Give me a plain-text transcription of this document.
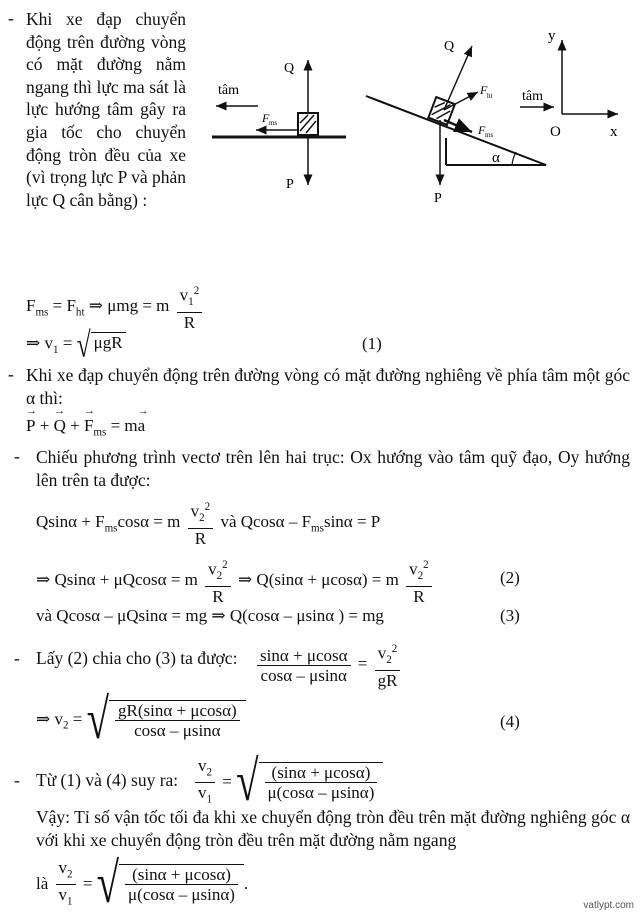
- Khi xe đạp chuyển động trên đường vòng có mặt đường nằm ngang thì lực ma sát là lực hướng tâm gây ra gia tốc cho chuyển động tròn đều của xe (vì trọng lực P và phản lực Q cân bằng) :
tâm
Q
F ms
P
α
Q
F ht
F ms
P
tâm
y
x
O
$F_{ms} = F_{ht}$ ⇒ μmg = m $\frac{v_1^2}{R}$
⇒ $v_1$ = √ μgR	(1)
- Khi xe đạp chuyển động trên đường vòng có mặt đường nghiêng về phía tâm một góc α thì:
→ P + → Q + → $F_{ms} = m\to a$
- Chiếu phương trình vectơ trên lên hai trục: Ox hướng vào tâm quỹ đạo, Oy hướng lên trên ta được:
$Qsin\alpha + F_{ms}\cos\alpha = m \frac{v_2^2}{R}$ và $Qcos\alpha - F_{ms}\sin\alpha = P$
⇒ Qsinα + μQcosα = m $\frac{v_2^2}{R}$ ⇒ Q(sinα + μcosα) = m $\frac{v_2^2}{R}$	(2)
và Qcosα – μQsinα = mg ⇒ Q(cosα – μsinα ) = mg	(3)
- Lấy (2) chia cho (3) ta được: $\frac{\sin\alpha + \mu\cos\alpha}{\cos\alpha - \mu\sin\alpha} = \frac{v_2^2}{gR}$
⇒ $v_2$ = √ $\frac{gR(\sin\alpha + \mu\cos\alpha)}{\cos\alpha - \mu\sin\alpha}$	(4)
- Từ (1) và (4) suy ra: $\frac{v_2}{v_1}$ = √ $\frac{(\sin\alpha + \mu\cos\alpha)}{\mu(\cos\alpha - \mu\sin\alpha)}$
Vậy: Tỉ số vận tốc tối đa khi xe chuyển động tròn đều trên mặt đường nghiêng góc α với khi xe chuyển động tròn đều trên mặt đường nằm ngang
là $\frac{v_2}{v_1}$ = √ $\frac{(\sin\alpha + \mu\cos\alpha)}{\mu(\cos\alpha - \mu\sin\alpha)}$ .
vatlypt.com
